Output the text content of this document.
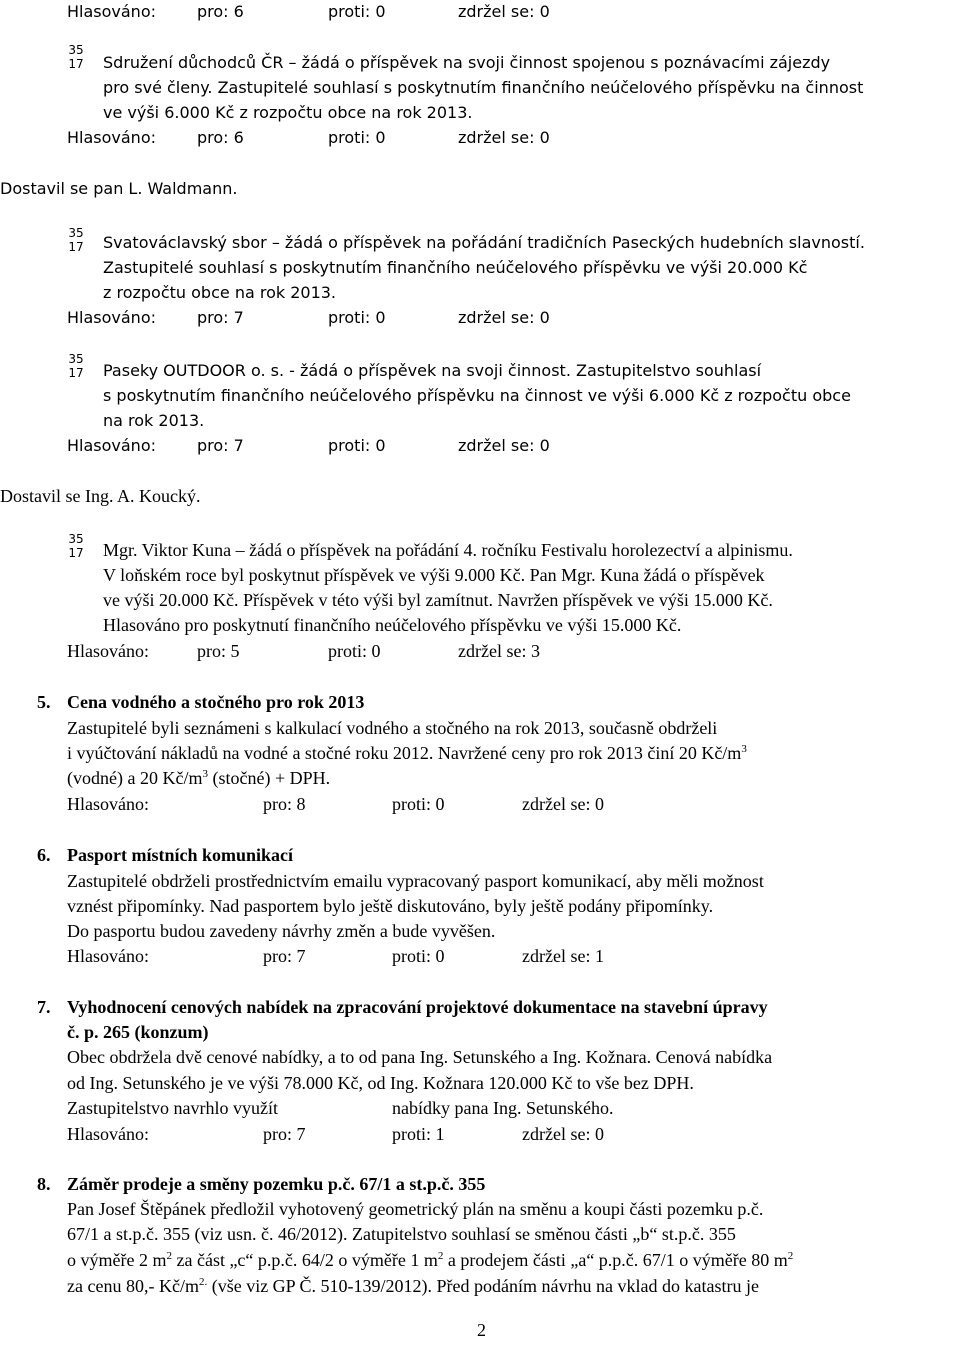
Hlasováno:	pro: 6	proti: 0	zdržel se: 0
35
17 Sdružení důchodců ČR – žádá o příspěvek na svoji činnost spojenou s poznávacími zájezdy
pro své členy. Zastupitelé souhlasí s poskytnutím finančního neúčelového příspěvku na činnost
ve výši 6.000 Kč z rozpočtu obce na rok 2013.
Hlasováno:	pro: 6	proti: 0	zdržel se: 0
Dostavil se pan L. Waldmann.
35
17 Svatováclavský sbor – žádá o příspěvek na pořádání tradičních Paseckých hudebních slavností.
Zastupitelé souhlasí s poskytnutím finančního neúčelového příspěvku ve výši 20.000 Kč
z rozpočtu obce na rok 2013.
Hlasováno:	pro: 7	proti: 0	zdržel se: 0
35
17 Paseky OUTDOOR o. s. - žádá o příspěvek na svoji činnost. Zastupitelstvo souhlasí
s poskytnutím finančního neúčelového příspěvku na činnost ve výši 6.000 Kč z rozpočtu obce
na rok 2013.
Hlasováno:	pro: 7	proti: 0	zdržel se: 0
Dostavil se Ing. A. Koucký.
35
17 Mgr. Viktor Kuna – žádá o příspěvek na pořádání 4. ročníku Festivalu horolezectví a alpinismu.
V loňském roce byl poskytnut příspěvek ve výši 9.000 Kč. Pan Mgr. Kuna žádá o příspěvek
ve výši 20.000 Kč. Příspěvek v této výši byl zamítnut. Navržen příspěvek ve výši 15.000 Kč.
Hlasováno pro poskytnutí finančního neúčelového příspěvku ve výši 15.000 Kč.
Hlasováno:	pro: 5	proti: 0	zdržel se: 3
5. Cena vodného a stočného pro rok 2013
Zastupitelé byli seznámeni s kalkulací vodného a stočného na rok 2013, současně obdrželi
i vyúčtování nákladů na vodné a stočné roku 2012. Navržené ceny pro rok 2013 činí 20 $Kč/m^3$
(vodné) a 20 $Kč/m^3$ (stočné) + DPH.
Hlasováno:	pro: 8	proti: 0	zdržel se: 0
6. Pasport místních komunikací
Zastupitelé obdrželi prostřednictvím emailu vypracovaný pasport komunikací, aby měli možnost
vznést připomínky. Nad pasportem bylo ještě diskutováno, byly ještě podány připomínky.
Do pasportu budou zavedeny návrhy změn a bude vyvěšen.
Hlasováno:	pro: 7	proti: 0	zdržel se: 1
7. Vyhodnocení cenových nabídek na zpracování projektové dokumentace na stavební úpravy
č. p. 265 (konzum)
Obec obdržela dvě cenové nabídky, a to od pana Ing. Setunského a Ing. Kožnara. Cenová nabídka
od Ing. Setunského je ve výši 78.000 Kč, od Ing. Kožnara 120.000 Kč to vše bez DPH.
Zastupitelstvo navrhlo využít	nabídky pana Ing. Setunského.
Hlasováno:	pro: 7	proti: 1	zdržel se: 0
8. Záměr prodeje a směny pozemku p.č. 67/1 a st.p.č. 355
Pan Josef Štěpánek předložil vyhotovený geometrický plán na směnu a koupi části pozemku p.č.
67/1 a st.p.č. 355 (viz usn. č. 46/2012). Zatupitelstvo souhlasí se směnou části „b“ st.p.č. 355
o výměře 2 $m^2$ za část „c“ p.p.č. 64/2 o výměře 1 $m^2$ a prodejem části „a“ p.p.č. 67/1 o výměře 80 $m^2$
za cenu 80,- $Kč/m^{2.}$ (vše viz GP Č. 510-139/2012). Před podáním návrhu na vklad do katastru je
2
